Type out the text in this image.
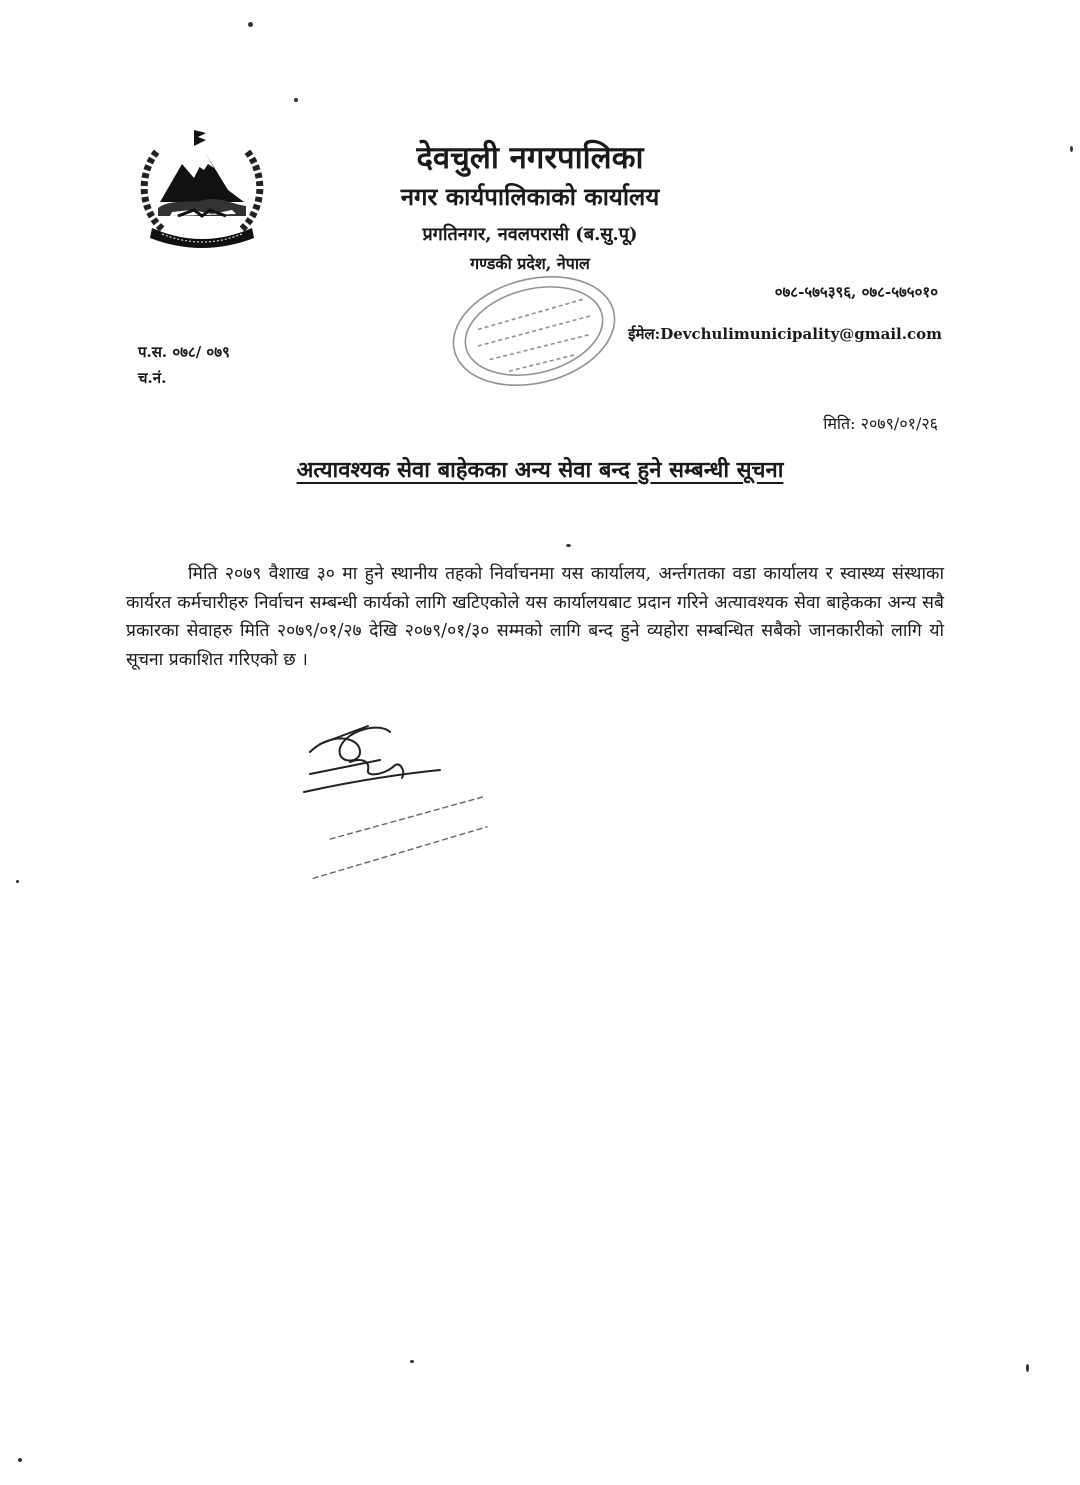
देवचुली नगरपालिका
नगर कार्यपालिकाको कार्यालय
प्रगतिनगर, नवलपरासी (ब.सु.पू)
गण्डकी प्रदेश, नेपाल
०७८-५७५३९६, ०७८-५७५०१०
ईमेल:Devchulimunicipality@gmail.com
प.स. ०७८/ ०७९
च.नं.
मिति: २०७९/०१/२६
अत्यावश्यक सेवा बाहेकका अन्य सेवा बन्द हुने सम्बन्धी सूचना
मिति २०७९ वैशाख ३० मा हुने स्थानीय तहको निर्वाचनमा यस कार्यालय, अर्न्तगतका वडा कार्यालय र स्वास्थ्य संस्थाका कार्यरत कर्मचारीहरु निर्वाचन सम्बन्धी कार्यको लागि खटिएकोले यस कार्यालयबाट प्रदान गरिने अत्यावश्यक सेवा बाहेकका अन्य सबै प्रकारका सेवाहरु मिति २०७९/०१/२७ देखि २०७९/०१/३० सम्मको लागि बन्द हुने व्यहोरा सम्बन्धित सबैको जानकारीको लागि यो सूचना प्रकाशित गरिएको छ ।
